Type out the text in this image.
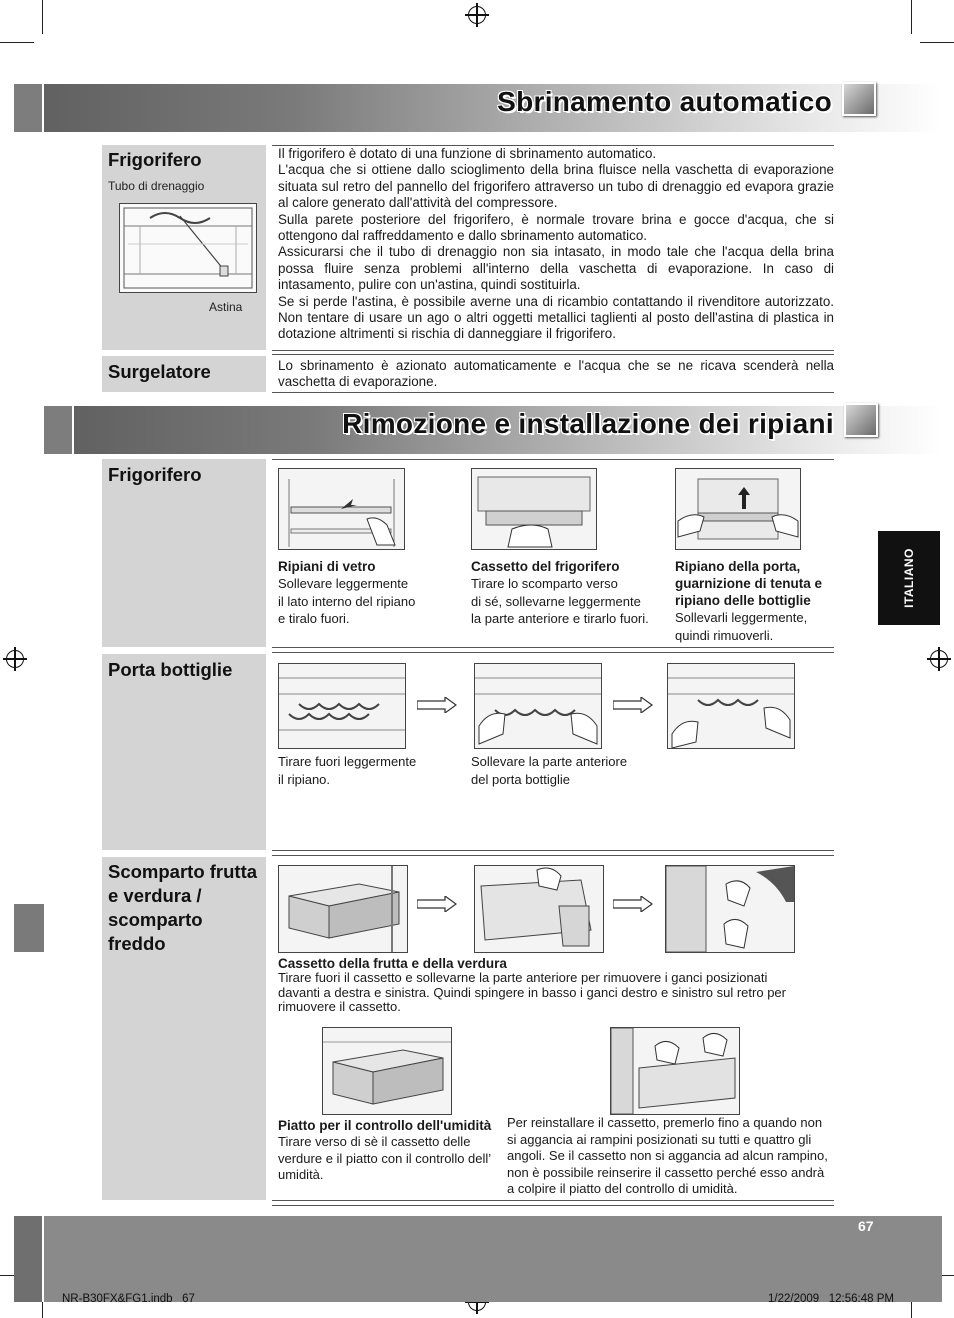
Sbrinamento automatico
Frigorifero
Tubo di drenaggio
Astina
Il frigorifero è dotato di una funzione di sbrinamento automatico.
L'acqua che si ottiene dallo scioglimento della brina fluisce nella vaschetta di evaporazione situata sul retro del pannello del frigorifero attraverso un tubo di drenaggio ed evapora grazie al calore generato dall'attività del compressore.
Sulla parete posteriore del frigorifero, è normale trovare brina e gocce d'acqua, che si ottengono dal raffreddamento e dallo sbrinamento automatico.
Assicurarsi che il tubo di drenaggio non sia intasato, in modo tale che l'acqua della brina possa fluire senza problemi all'interno della vaschetta di evaporazione. In caso di intasamento, pulire con un'astina, quindi sostituirla.
Se si perde l'astina, è possibile averne una di ricambio contattando il rivenditore autorizzato. Non tentare di usare un ago o altri oggetti metallici taglienti al posto dell'astina di plastica in dotazione altrimenti si rischia di danneggiare il frigorifero.
Surgelatore	Lo sbrinamento è azionato automaticamente e l'acqua che se ne ricava scenderà nella vaschetta di evaporazione.
Rimozione e installazione dei ripiani
Frigorifero
Ripiani di vetro
Sollevare leggermente
il lato interno del ripiano
e tiralo fuori.
Cassetto del frigorifero
Tirare lo scomparto verso
di sé, sollevarne leggermente
la parte anteriore e tirarlo fuori.
Ripiano della porta, guarnizione di tenuta e ripiano delle bottiglie
Sollevarli leggermente,
quindi rimuoverli.
Porta bottiglie
Tirare fuori leggermente
il ripiano.
Sollevare la parte anteriore
del porta bottiglie
Scomparto frutta e verdura / scomparto freddo
Cassetto della frutta e della verdura
Tirare fuori il cassetto e sollevarne la parte anteriore per rimuovere i ganci posizionati davanti a destra e sinistra. Quindi spingere in basso i ganci destro e sinistro sul retro per rimuovere il cassetto.
Piatto per il controllo dell'umidità
Tirare verso di sè il cassetto delle verdure e il piatto con il controllo dell’ umidità.
Per reinstallare il cassetto, premerlo fino a quando non si aggancia ai rampini posizionati su tutti e quattro gli angoli. Se il cassetto non si aggancia ad alcun rampino, non è possibile reinserire il cassetto perché esso andrà a colpire il piatto del controllo di umidità.
ITALIANO
67
NR-B30FX&FG1.indb   67	1/22/2009   12:56:48 PM
